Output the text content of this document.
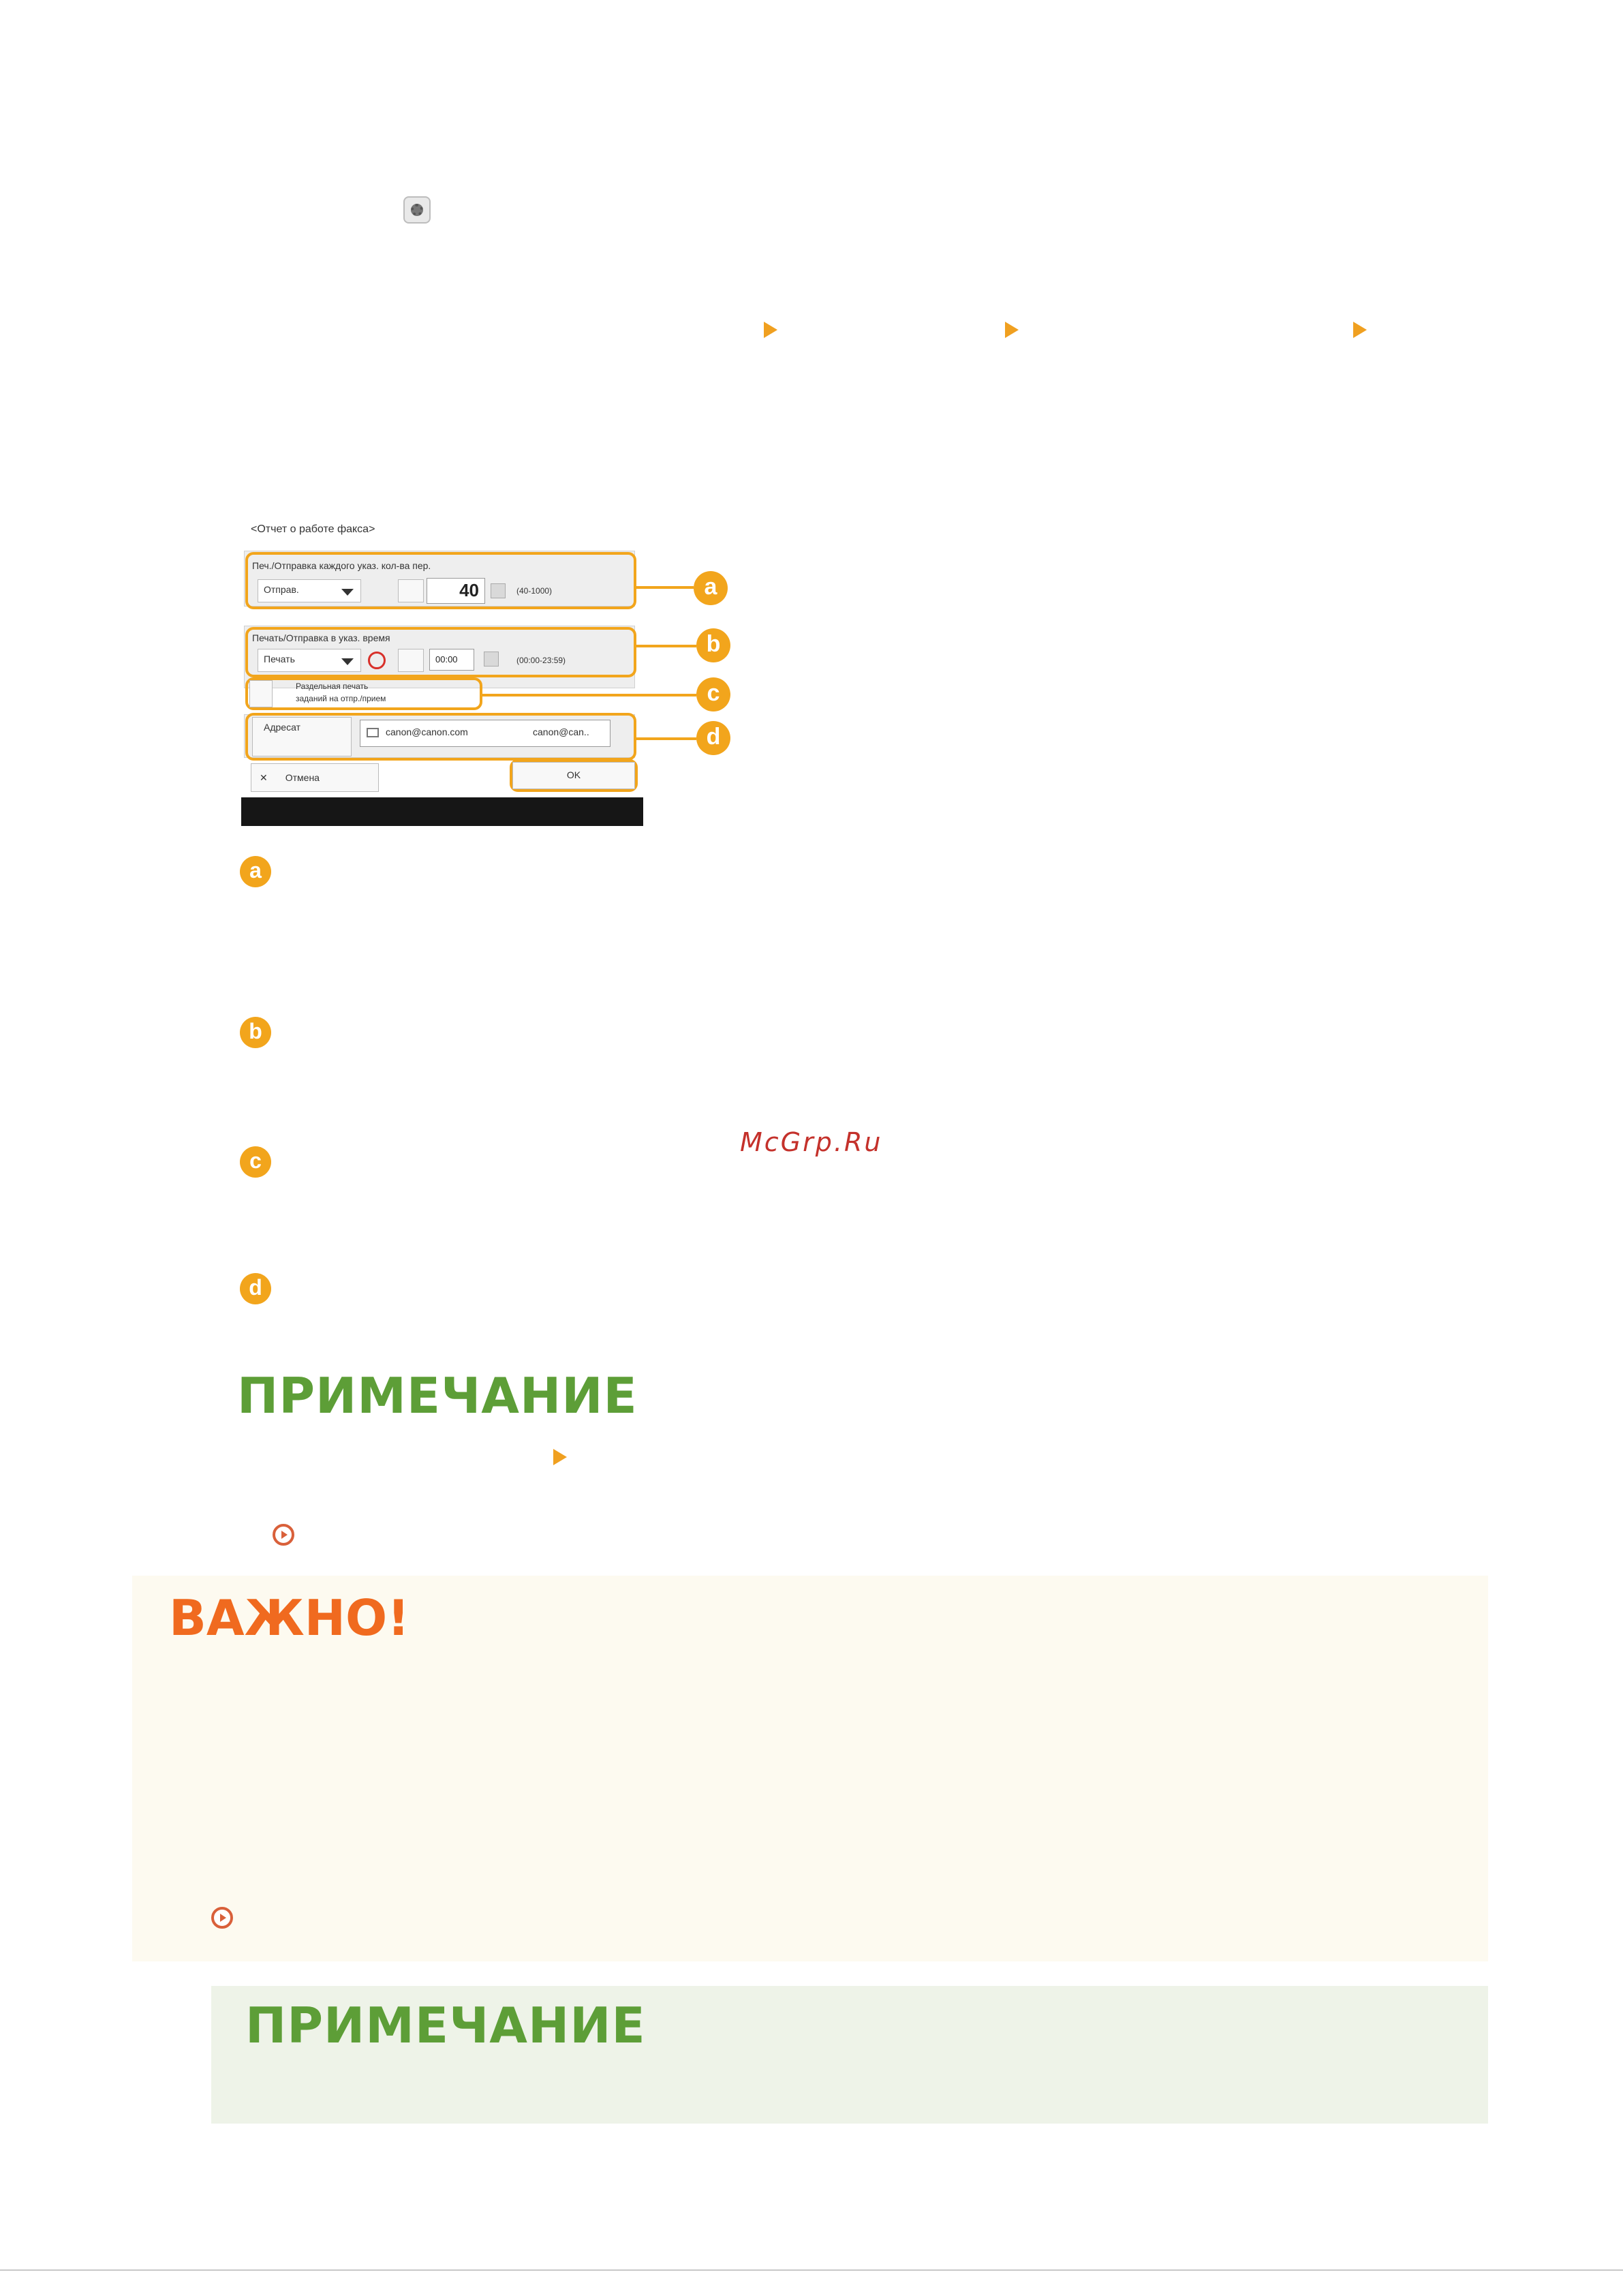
<Отчет о работе факса>
Печ./Отправка каждого указ. кол-ва пер.
Отправ.	40	(40-1000)
Печать/Отправка в указ. время
Печать	00:00	(00:00-23:59)
Раздельная печать
заданий на отпр./прием
Адресат	canon@canon.com	canon@can..
✕ Отмена	OK
a
b
c
d
a
b
c
d
McGrp.Ru
ПРИМЕЧАНИЕ
ВАЖНО!
ПРИМЕЧАНИЕ
